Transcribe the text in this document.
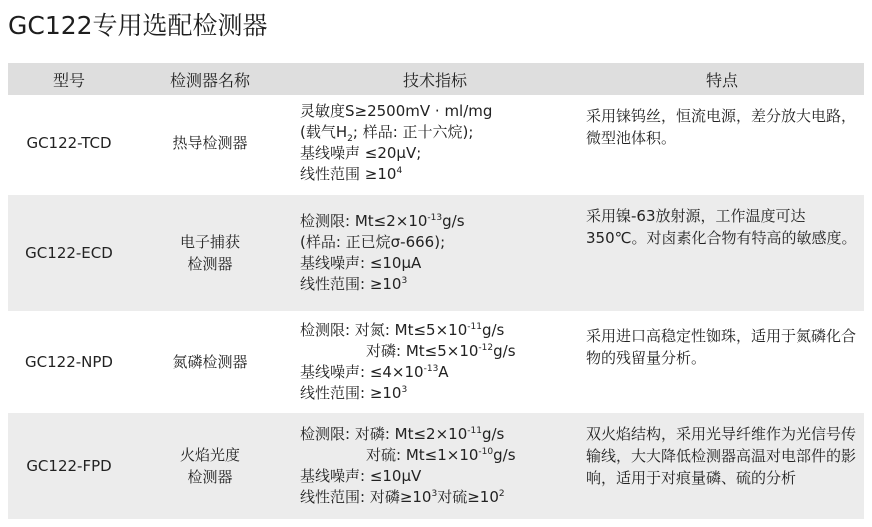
GC122专用选配检测器
型号	检测器名称	技术指标	特点
GC122-TCD	热导检测器	灵敏度S≥2500mV · ml/mg
(载气$H_2$; 样品: 正十六烷);
基线噪声 ≤20μV;
线性范围 $\ge 10^4$	采用铼钨丝，恒流电源，差分放大电路，微型池体积。

GC122-ECD	电子捕获
检测器	检测限: $Mt\le 2\times 10^{-13}g/s$
(样品: 正已烷σ-666);
基线噪声: ≤10μA
线性范围: $\ge 10^3$	采用镍-63放射源，工作温度可达350℃。对卤素化合物有特高的敏感度。

GC122-NPD	氮磷检测器	检测限: 对氮: $Mt\le 5\times 10^{-11}g/s$
对磷: $Mt\le 5\times 10^{-12}g/s$
基线噪声: $\le 4\times 10^{-13}A$
线性范围: $\ge 10^3$	采用进口高稳定性铷珠，适用于氮磷化合物的残留量分析。

GC122-FPD	火焰光度
检测器	检测限: 对磷: $Mt\le 2\times 10^{-11}g/s$
对硫: $Mt\le 1\times 10^{-10}g/s$
基线噪声: ≤10μV
线性范围: 对磷$\ge 10^3$对硫$\ge 10^2$	双火焰结构，采用光导纤维作为光信号传输线，大大降低检测器高温对电部件的影响，适用于对痕量磷、硫的分析
